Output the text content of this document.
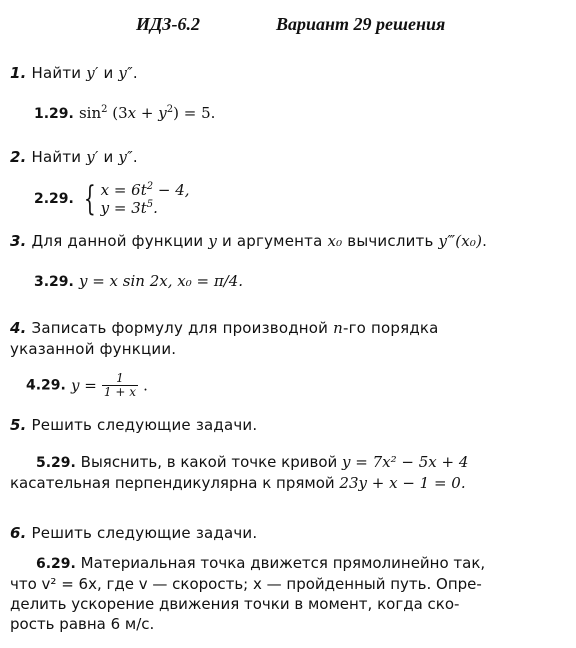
ИДЗ-6.2	Вариант 29 решения
1. Найти y′ и y″.
1.29. $\sin^2 (3x + y^2) = 5$.
2. Найти y′ и y″.
2.29. { $x = 6t^2 - 4$,
$y = 3t^5$.
3. Для данной функции y и аргумента x₀ вычислить y‴(x₀).
3.29. y = x sin 2x, x₀ = π/4.
4. Записать формулу для производной n-го порядка
указанной функции.
4.29. $y = \frac{1}{1 + x}$ .
5. Решить следующие задачи.
5.29. Выяснить, в какой точке кривой y = 7x² − 5x + 4
касательная перпендикулярна к прямой 23y + x − 1 = 0.
6. Решить следующие задачи.
6.29. Материальная точка движется прямолинейно так,
что v² = 6x, где v — скорость; x — пройденный путь. Опре-
делить ускорение движения точки в момент, когда ско-
рость равна 6 м/с.
